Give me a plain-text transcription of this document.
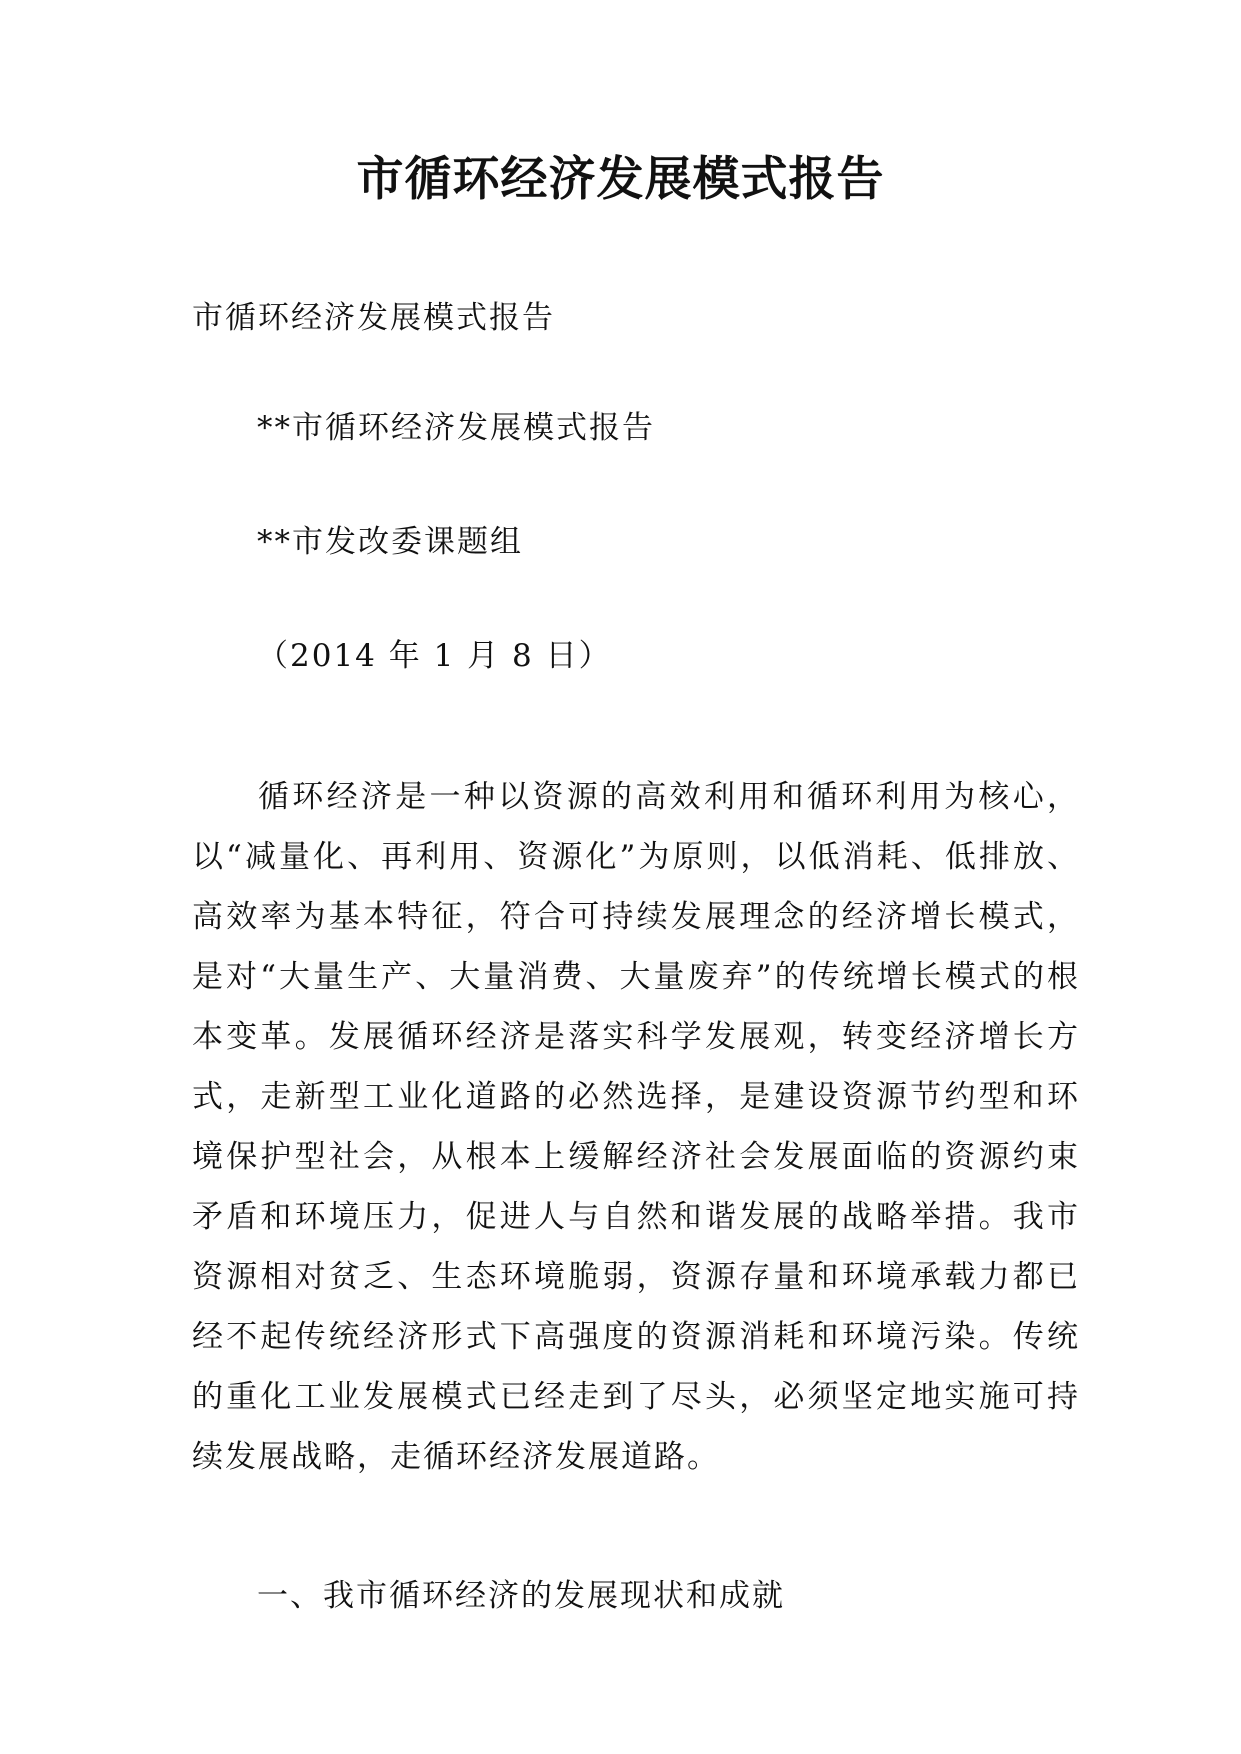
市循环经济发展模式报告
市循环经济发展模式报告
**市循环经济发展模式报告
**市发改委课题组
（2014 年 1 月 8 日）
循环经济是一种以资源的高效利用和循环利用为核心，以“减量化、再利用、资源化”为原则，以低消耗、低排放、高效率为基本特征，符合可持续发展理念的经济增长模式，是对“大量生产、大量消费、大量废弃”的传统增长模式的根本变革。发展循环经济是落实科学发展观，转变经济增长方式，走新型工业化道路的必然选择，是建设资源节约型和环境保护型社会，从根本上缓解经济社会发展面临的资源约束矛盾和环境压力，促进人与自然和谐发展的战略举措。我市资源相对贫乏、生态环境脆弱，资源存量和环境承载力都已经不起传统经济形式下高强度的资源消耗和环境污染。传统的重化工业发展模式已经走到了尽头，必须坚定地实施可持续发展战略，走循环经济发展道路。
一、我市循环经济的发展现状和成就
